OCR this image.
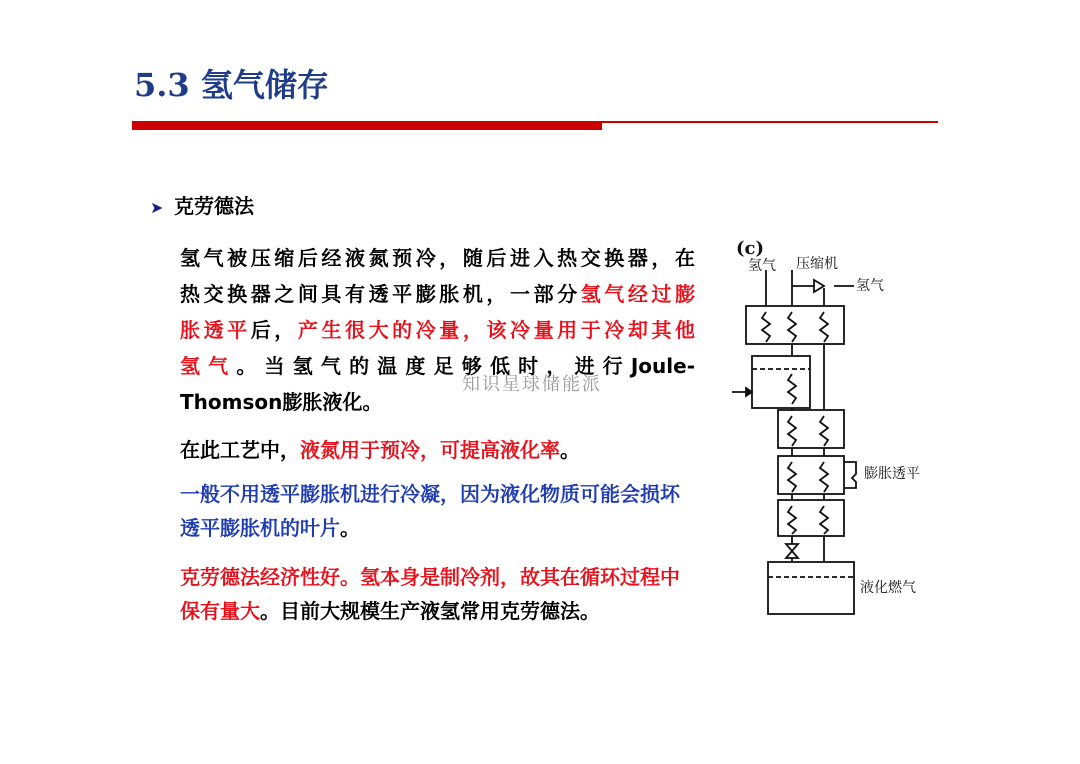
5.3 氢气储存
➤ 克劳德法
氢气被压缩后经液氮预冷，随后进入热交换器，在
热交换器之间具有透平膨胀机，一部分氢气经过膨
胀透平后，产生很大的冷量，该冷量用于冷却其他
氢气。当氢气的温度足够低时，进行Joule-
Thomson膨胀液化。
知识星球储能派

在此工艺中，液氮用于预冷，可提高液化率。

一般不用透平膨胀机进行冷凝，因为液化物质可能会损坏透平膨胀机的叶片。

克劳德法经济性好。氢本身是制冷剂，故其在循环过程中保有量大。目前大规模生产液氢常用克劳德法。

(c)
氢气 压缩机
氢气
膨胀透平
液化燃气
